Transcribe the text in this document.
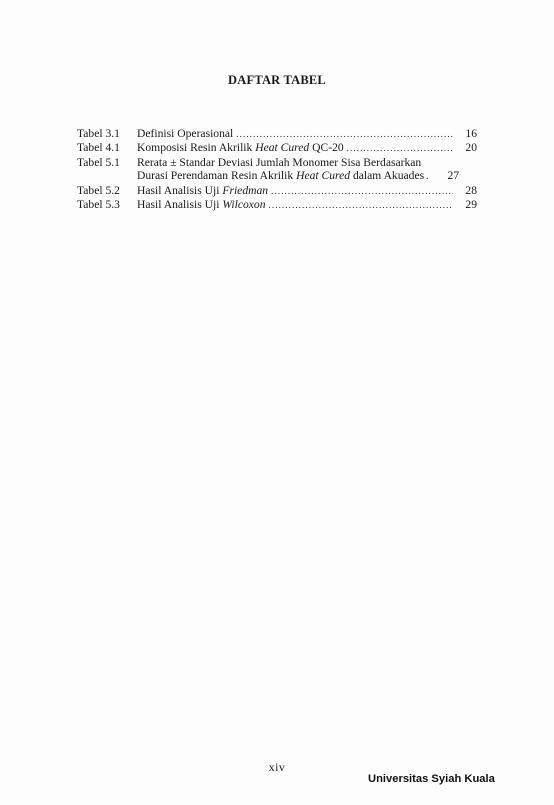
DAFTAR TABEL
Tabel 3.1	Definisi Operasional .....	16
Tabel 4.1	Komposisi Resin Akrilik Heat Cured QC-20 .....	20
Tabel 5.1	Rerata ± Standar Deviasi Jumlah Monomer Sisa Berdasarkan
Durasi Perendaman Resin Akrilik Heat Cured dalam Akuades .	27
Tabel 5.2	Hasil Analisis Uji Friedman .....	28
Tabel 5.3	Hasil Analisis Uji Wilcoxon .....	29
xiv
Universitas Syiah Kuala
